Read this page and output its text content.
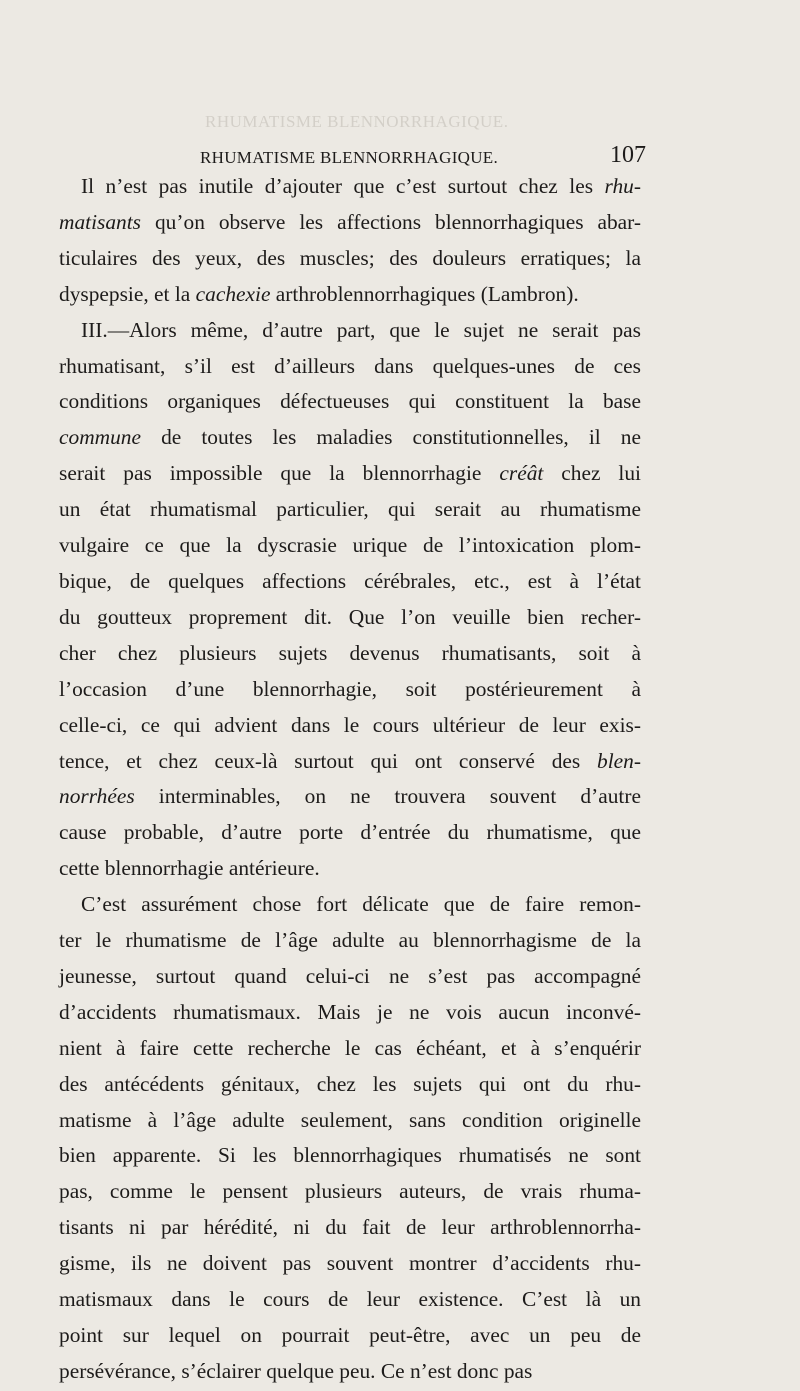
RHUMATISME BLENNORRHAGIQUE.
RHUMATISME BLENNORRHAGIQUE.	107

Il n’est pas inutile d’ajouter que c’est surtout chez les rhu-
matisants qu’on observe les affections blennorrhagiques abar-
ticulaires des yeux, des muscles; des douleurs erratiques; la
dyspepsie, et la cachexie arthroblennorrhagiques (Lambron).

III.—Alors même, d’autre part, que le sujet ne serait pas
rhumatisant, s’il est d’ailleurs dans quelques-unes de ces
conditions organiques défectueuses qui constituent la base
commune de toutes les maladies constitutionnelles, il ne
serait pas impossible que la blennorrhagie créât chez lui
un état rhumatismal particulier, qui serait au rhumatisme
vulgaire ce que la dyscrasie urique de l’intoxication plom-
bique, de quelques affections cérébrales, etc., est à l’état
du goutteux proprement dit. Que l’on veuille bien recher-
cher chez plusieurs sujets devenus rhumatisants, soit à
l’occasion d’une blennorrhagie, soit postérieurement à
celle-ci, ce qui advient dans le cours ultérieur de leur exis-
tence, et chez ceux-là surtout qui ont conservé des blen-
norrhées interminables, on ne trouvera souvent d’autre
cause probable, d’autre porte d’entrée du rhumatisme, que
cette blennorrhagie antérieure.

C’est assurément chose fort délicate que de faire remon-
ter le rhumatisme de l’âge adulte au blennorrhagisme de la
jeunesse, surtout quand celui-ci ne s’est pas accompagné
d’accidents rhumatismaux. Mais je ne vois aucun inconvé-
nient à faire cette recherche le cas échéant, et à s’enquérir
des antécédents génitaux, chez les sujets qui ont du rhu-
matisme à l’âge adulte seulement, sans condition originelle
bien apparente. Si les blennorrhagiques rhumatisés ne sont
pas, comme le pensent plusieurs auteurs, de vrais rhuma-
tisants ni par hérédité, ni du fait de leur arthroblennorrha-
gisme, ils ne doivent pas souvent montrer d’accidents rhu-
matismaux dans le cours de leur existence. C’est là un
point sur lequel on pourrait peut-être, avec un peu de
persévérance, s’éclairer quelque peu. Ce n’est donc pas
